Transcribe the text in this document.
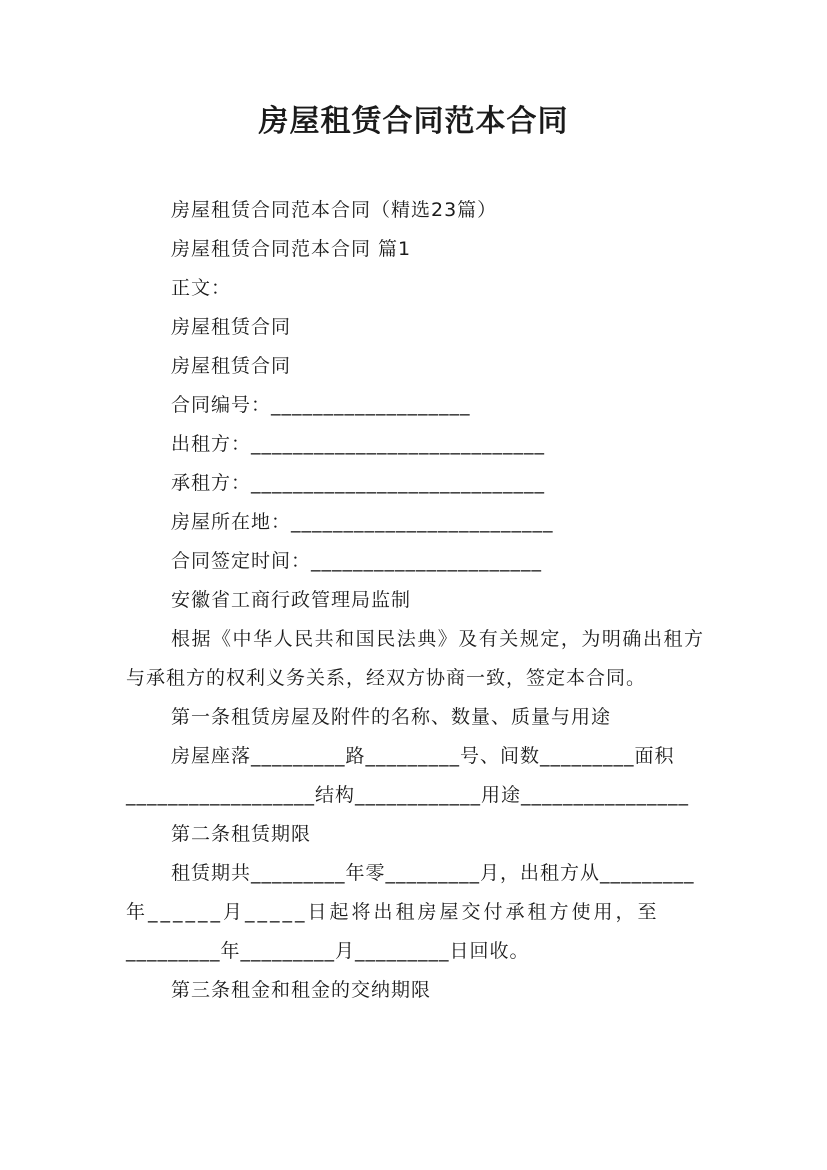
房屋租赁合同范本合同
房屋租赁合同范本合同（精选23篇）
房屋租赁合同范本合同 篇1
正文：
房屋租赁合同
房屋租赁合同
合同编号：___________________
出租方：____________________________
承租方：____________________________
房屋所在地：_________________________
合同签定时间：______________________
安徽省工商行政管理局监制
根据《中华人民共和国民法典》及有关规定，为明确出租方与承租方的权利义务关系，经双方协商一致，签定本合同。
第一条租赁房屋及附件的名称、数量、质量与用途
房屋座落_________路_________号、间数_________面积
__________________结构____________用途________________
第二条租赁期限
租赁期共_________年零_________月，出租方从_________
年______月_____日起将出租房屋交付承租方使用，至
_________年_________月_________日回收。
第三条租金和租金的交纳期限
